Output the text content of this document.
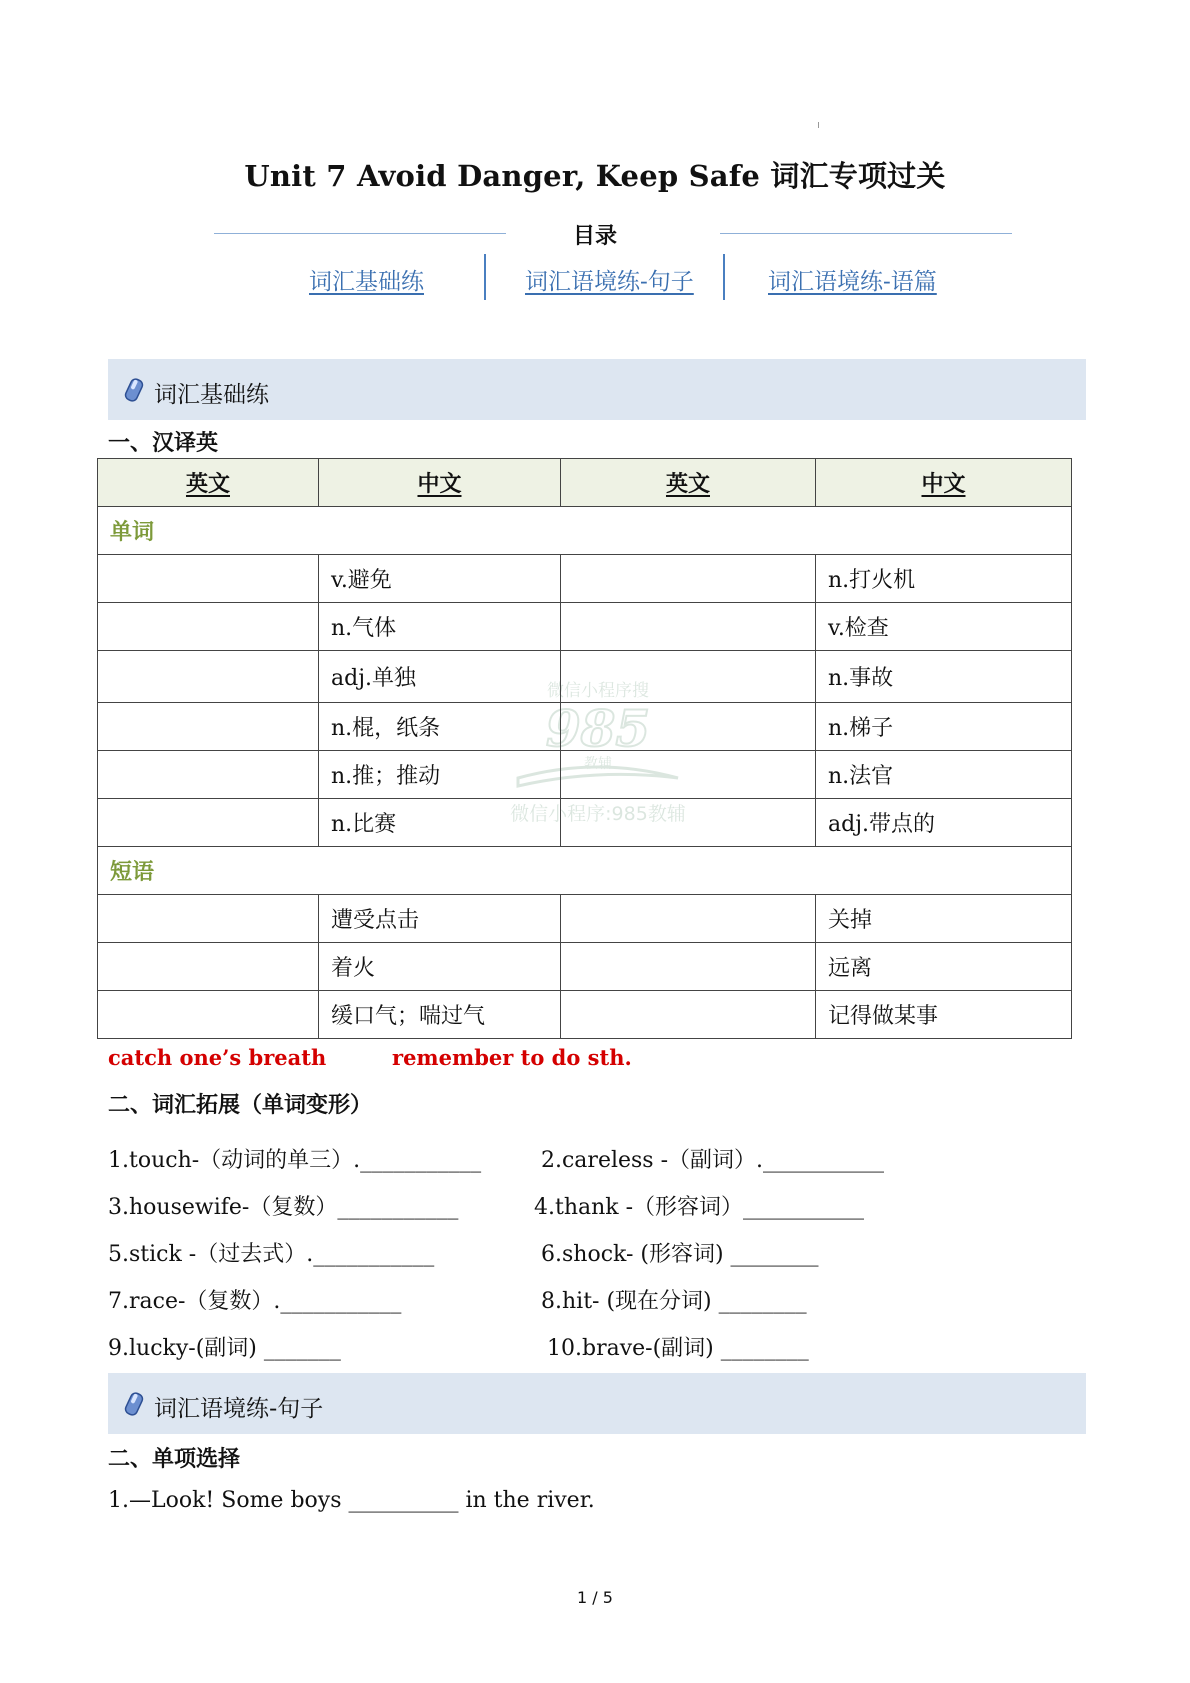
Unit 7 Avoid Danger, Keep Safe 词汇专项过关
目录
词汇基础练	词汇语境练-句子	词汇语境练-语篇
词汇基础练
一、汉译英
微信小程序搜
985
教辅
微信小程序:985教辅
英文	中文	英文	中文
单词			
	v.避免		n.打火机
	n.气体		v.检查
	adj.单独		n.事故
	n.棍，纸条		n.梯子
	n.推；推动		n.法官
	n.比赛		adj.带点的
短语			
	遭受点击		关掉
	着火		远离
	缓口气；喘过气		记得做某事
catch one’s breath	remember to do sth.
二、词汇拓展（单词变形）
1.touch-（动词的单三）.___________	2.careless -（副词）.___________
3.housewife-（复数）___________	4.thank -（形容词）___________
5.stick -（过去式）.___________	6.shock- (形容词) ________
7.race-（复数）.___________	8.hit- (现在分词) ________
9.lucky-(副词) _______	10.brave-(副词) ________
词汇语境练-句子
二、单项选择
1.—Look! Some boys __________ in the river.
1 / 5
